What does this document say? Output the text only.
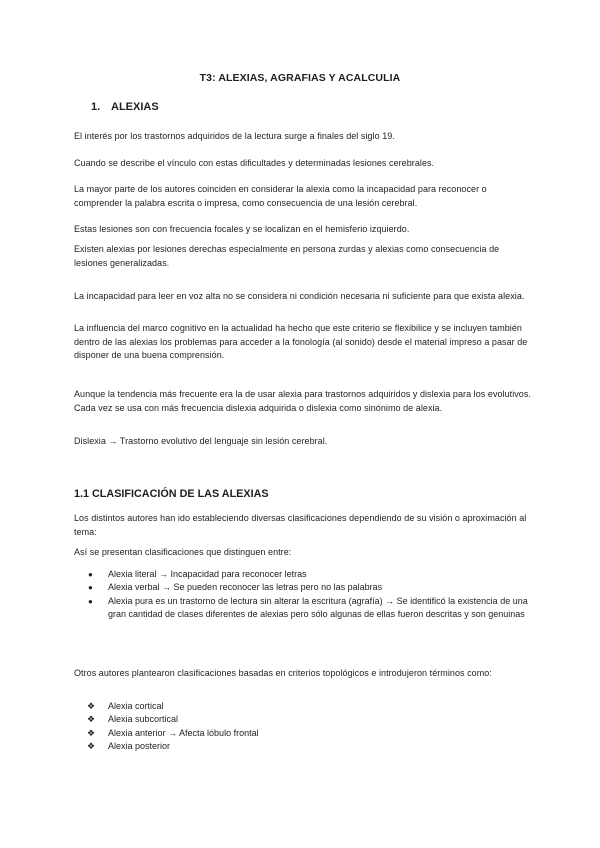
T3: ALEXIAS, AGRAFIAS Y ACALCULIA
1. ALEXIAS
El interés por los trastornos adquiridos de la lectura surge a finales del siglo 19.
Cuando se describe el vínculo con estas dificultades y determinadas lesiones cerebrales.
La mayor parte de los autores coinciden en considerar la alexia como la incapacidad para reconocer o comprender la palabra escrita o impresa, como consecuencia de una lesión cerebral.
Estas lesiones son con frecuencia focales y se localizan en el hemisferio izquierdo.
Existen alexias por lesiones derechas especialmente en persona zurdas y alexias como consecuencia de lesiones generalizadas.
La incapacidad para leer en voz alta no se considera ni condición necesaria ni suficiente para que exista alexia.
La influencia del marco cognitivo en la actualidad ha hecho que este criterio se flexibilice y se incluyen también dentro de las alexias los problemas para acceder a la fonología (al sonido) desde el material impreso a pasar de disponer de una buena comprensión.
Aunque la tendencia más frecuente era la de usar alexia para trastornos adquiridos y dislexia para los evolutivos. Cada vez se usa con más frecuencia dislexia adquirida o dislexia como sinónimo de alexia.
Dislexia → Trastorno evolutivo del lenguaje sin lesión cerebral.
1.1 CLASIFICACIÓN DE LAS ALEXIAS
Los distintos autores han ido estableciendo diversas clasificaciones dependiendo de su visión o aproximación al tema:
Así se presentan clasificaciones que distinguen entre:
●	Alexia literal → Incapacidad para reconocer letras
●	Alexia verbal → Se pueden reconocer las letras pero no las palabras
●	Alexia pura es un trastorno de lectura sin alterar la escritura (agrafía) → Se identificó la existencia de una gran cantidad de clases diferentes de alexias pero sólo algunas de ellas fueron descritas y son genuinas
Otros autores plantearon clasificaciones basadas en criterios topológicos e introdujeron términos como:
❖	Alexia cortical
❖	Alexia subcortical
❖	Alexia anterior → Afecta lóbulo frontal
❖	Alexia posterior
